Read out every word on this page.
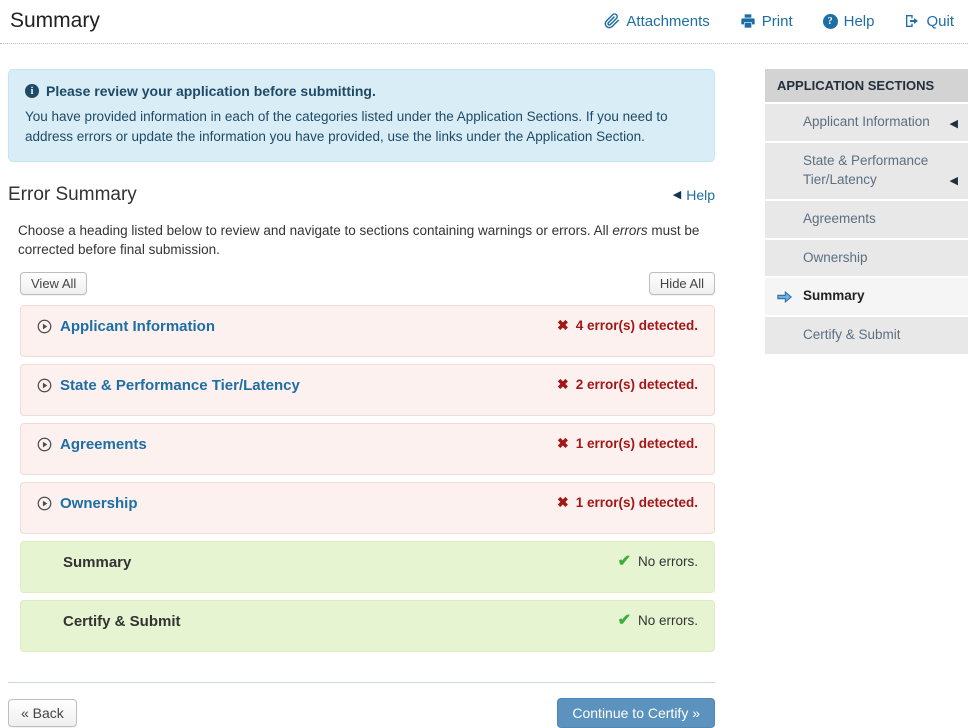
Summary	Attachments	Print	? Help	Quit
i Please review your application before submitting.
You have provided information in each of the categories listed under the Application Sections. If you need to address errors or update the information you have provided, use the links under the Application Section.
Error Summary	◀ Help

Choose a heading listed below to review and navigate to sections containing warnings or errors. All errors must be corrected before final submission.

View All	Hide All
Applicant Information	✖ 4 error(s) detected.
State & Performance Tier/Latency	✖ 2 error(s) detected.
Agreements	✖ 1 error(s) detected.
Ownership	✖ 1 error(s) detected.
Summary	✔ No errors.
Certify & Submit	✔ No errors.
« Back	Continue to Certify »
APPLICATION SECTIONS
Applicant Information	◀
State & Performance Tier/Latency	◀
Agreements
Ownership
Summary
Certify & Submit
